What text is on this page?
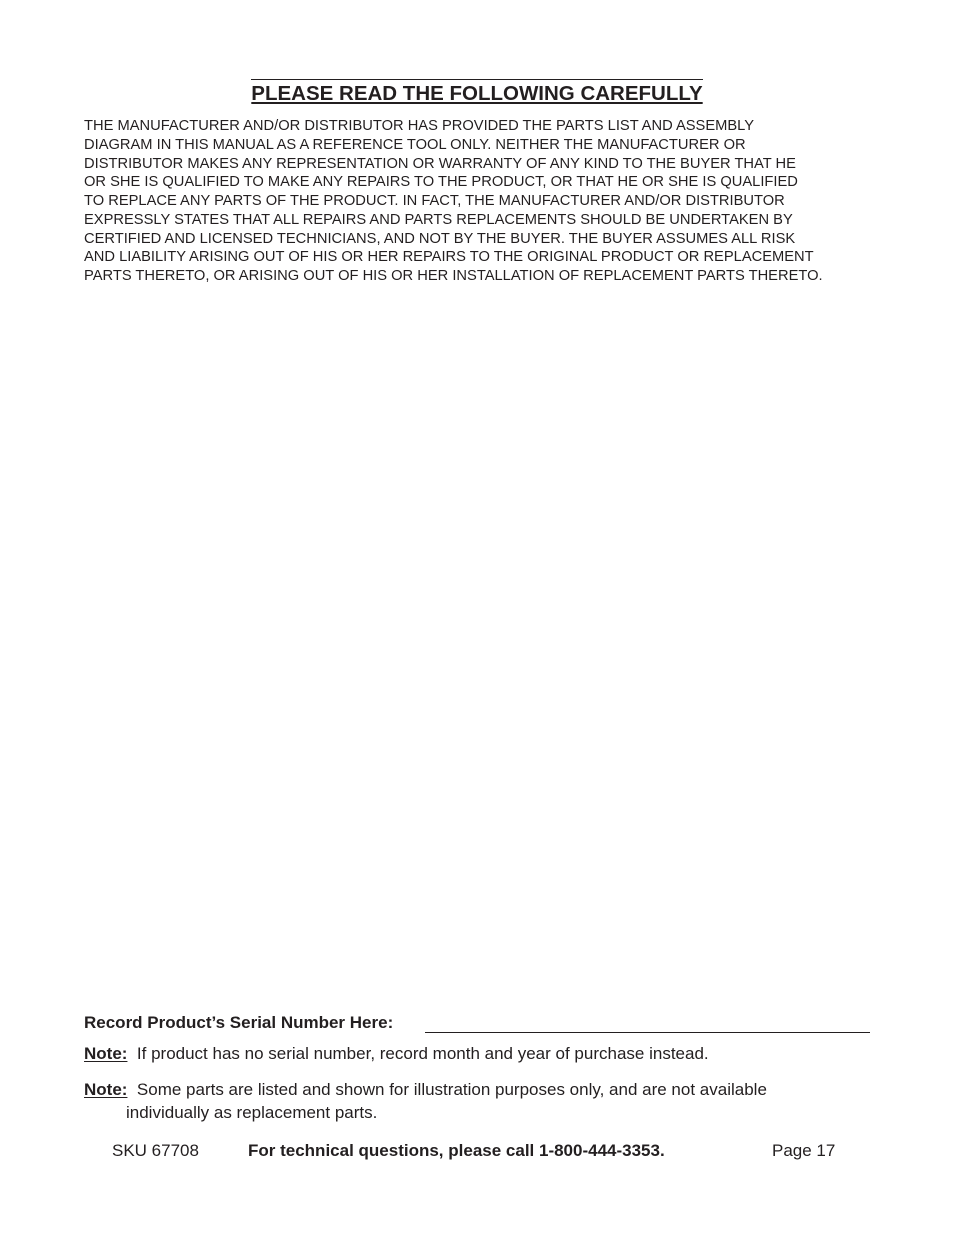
PLEASE READ THE FOLLOWING CAREFULLY
THE MANUFACTURER AND/OR DISTRIBUTOR HAS PROVIDED THE PARTS LIST AND ASSEMBLY
DIAGRAM IN THIS MANUAL AS A REFERENCE TOOL ONLY. NEITHER THE MANUFACTURER OR
DISTRIBUTOR MAKES ANY REPRESENTATION OR WARRANTY OF ANY KIND TO THE BUYER THAT HE
OR SHE IS QUALIFIED TO MAKE ANY REPAIRS TO THE PRODUCT, OR THAT HE OR SHE IS QUALIFIED
TO REPLACE ANY PARTS OF THE PRODUCT. IN FACT, THE MANUFACTURER AND/OR DISTRIBUTOR
EXPRESSLY STATES THAT ALL REPAIRS AND PARTS REPLACEMENTS SHOULD BE UNDERTAKEN BY
CERTIFIED AND LICENSED TECHNICIANS, AND NOT BY THE BUYER. THE BUYER ASSUMES ALL RISK
AND LIABILITY ARISING OUT OF HIS OR HER REPAIRS TO THE ORIGINAL PRODUCT OR REPLACEMENT
PARTS THERETO, OR ARISING OUT OF HIS OR HER INSTALLATION OF REPLACEMENT PARTS THERETO.
Record Product’s Serial Number Here:
Note: If product has no serial number, record month and year of purchase instead.
Note: Some parts are listed and shown for illustration purposes only, and are not available
individually as replacement parts.
SKU 67708	For technical questions, please call 1-800-444-3353.	Page 17
